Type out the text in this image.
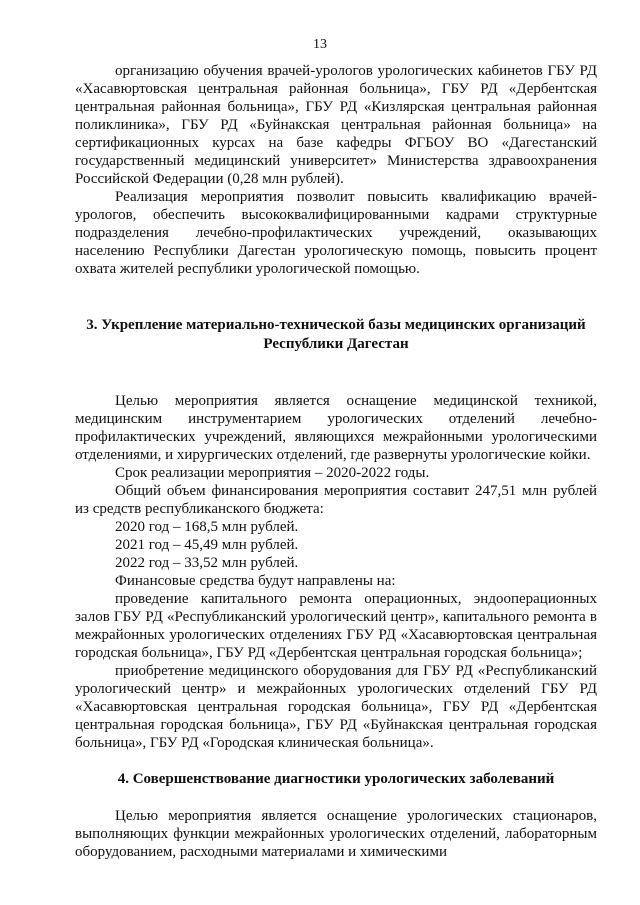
13

организацию обучения врачей-урологов урологических кабинетов ГБУ РД «Хасавюртовская центральная районная больница», ГБУ РД «Дербентская центральная районная больница», ГБУ РД «Кизлярская центральная районная поликлиника», ГБУ РД «Буйнакская центральная районная больница» на сертификационных курсах на базе кафедры ФГБОУ ВО «Дагестанский государственный медицинский университет» Министерства здравоохранения Российской Федерации (0,28 млн рублей).

Реализация мероприятия позволит повысить квалификацию врачей-урологов, обеспечить высококвалифицированными кадрами структурные подразделения лечебно-профилактических учреждений, оказывающих населению Республики Дагестан урологическую помощь, повысить процент охвата жителей республики урологической помощью.

3. Укрепление материально-технической базы медицинских организаций Республики Дагестан

Целью мероприятия является оснащение медицинской техникой, медицинским инструментарием урологических отделений лечебно-профилактических учреждений, являющихся межрайонными урологическими отделениями, и хирургических отделений, где развернуты урологические койки.

Срок реализации мероприятия – 2020-2022 годы.

Общий объем финансирования мероприятия составит 247,51 млн рублей из средств республиканского бюджета:

2020 год – 168,5 млн рублей.

2021 год – 45,49 млн рублей.

2022 год – 33,52 млн рублей.

Финансовые средства будут направлены на:

проведение капитального ремонта операционных, эндооперационных залов ГБУ РД «Республиканский урологический центр», капитального ремонта в межрайонных урологических отделениях ГБУ РД «Хасавюртовская центральная городская больница», ГБУ РД «Дербентская центральная городская больница»;

приобретение медицинского оборудования для ГБУ РД «Республиканский урологический центр» и межрайонных урологических отделений ГБУ РД «Хасавюртовская центральная городская больница», ГБУ РД «Дербентская центральная городская больница», ГБУ РД «Буйнакская центральная городская больница», ГБУ РД «Городская клиническая больница».

4. Совершенствование диагностики урологических заболеваний

Целью мероприятия является оснащение урологических стационаров, выполняющих функции межрайонных урологических отделений, лабораторным оборудованием, расходными материалами и химическими
